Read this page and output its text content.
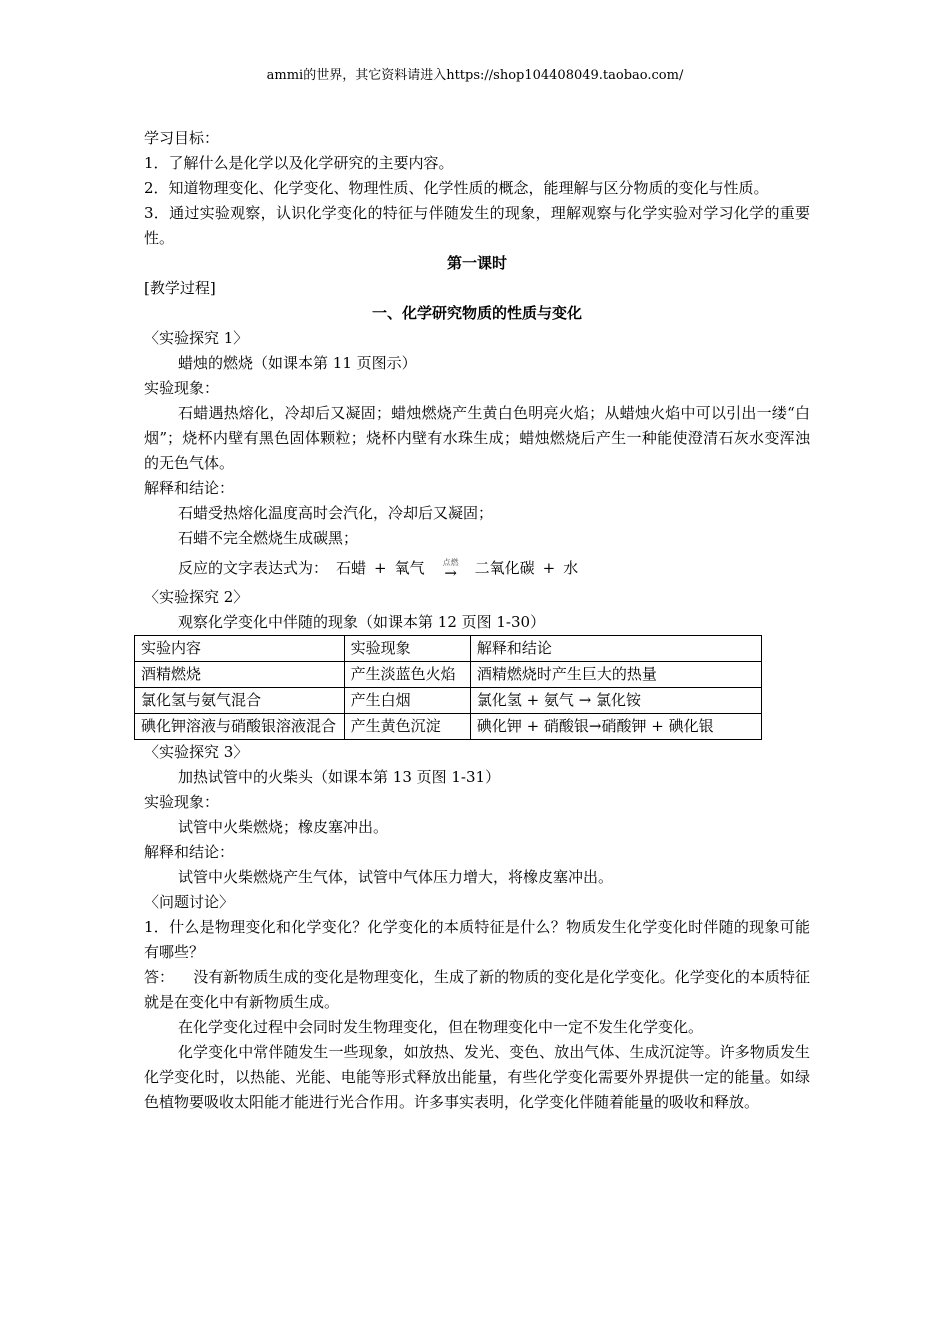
ammi的世界，其它资料请进入https://shop104408049.taobao.com/
学习目标：
1．了解什么是化学以及化学研究的主要内容。
2．知道物理变化、化学变化、物理性质、化学性质的概念，能理解与区分物质的变化与性质。
3．通过实验观察，认识化学变化的特征与伴随发生的现象，理解观察与化学实验对学习化学的重要性。
第一课时
[教学过程]
一、化学研究物质的性质与变化
〈实验探究 1〉
蜡烛的燃烧（如课本第 11 页图示）
实验现象：
石蜡遇热熔化，冷却后又凝固；蜡烛燃烧产生黄白色明亮火焰；从蜡烛火焰中可以引出一缕“白烟”；烧杯内壁有黑色固体颗粒；烧杯内壁有水珠生成；蜡烛燃烧后产生一种能使澄清石灰水变浑浊的无色气体。
解释和结论：
石蜡受热熔化温度高时会汽化，冷却后又凝固；
石蜡不完全燃烧生成碳黑；
反应的文字表达式为： 石蜡 + 氧气 点燃
→ 二氧化碳 + 水
〈实验探究 2〉
观察化学变化中伴随的现象（如课本第 12 页图 1-30）
实验内容	实验现象	解释和结论
酒精燃烧	产生淡蓝色火焰	酒精燃烧时产生巨大的热量
氯化氢与氨气混合	产生白烟	氯化氢 + 氨气 → 氯化铵
碘化钾溶液与硝酸银溶液混合	产生黄色沉淀	碘化钾 + 硝酸银→硝酸钾 + 碘化银
〈实验探究 3〉
加热试管中的火柴头（如课本第 13 页图 1-31）
实验现象：
试管中火柴燃烧；橡皮塞冲出。
解释和结论：
试管中火柴燃烧产生气体，试管中气体压力增大，将橡皮塞冲出。
〈问题讨论〉
1．什么是物理变化和化学变化？化学变化的本质特征是什么？物质发生化学变化时伴随的现象可能有哪些？
答： 没有新物质生成的变化是物理变化，生成了新的物质的变化是化学变化。化学变化的本质特征就是在变化中有新物质生成。
在化学变化过程中会同时发生物理变化，但在物理变化中一定不发生化学变化。
化学变化中常伴随发生一些现象，如放热、发光、变色、放出气体、生成沉淀等。许多物质发生化学变化时，以热能、光能、电能等形式释放出能量，有些化学变化需要外界提供一定的能量。如绿色植物要吸收太阳能才能进行光合作用。许多事实表明，化学变化伴随着能量的吸收和释放。
